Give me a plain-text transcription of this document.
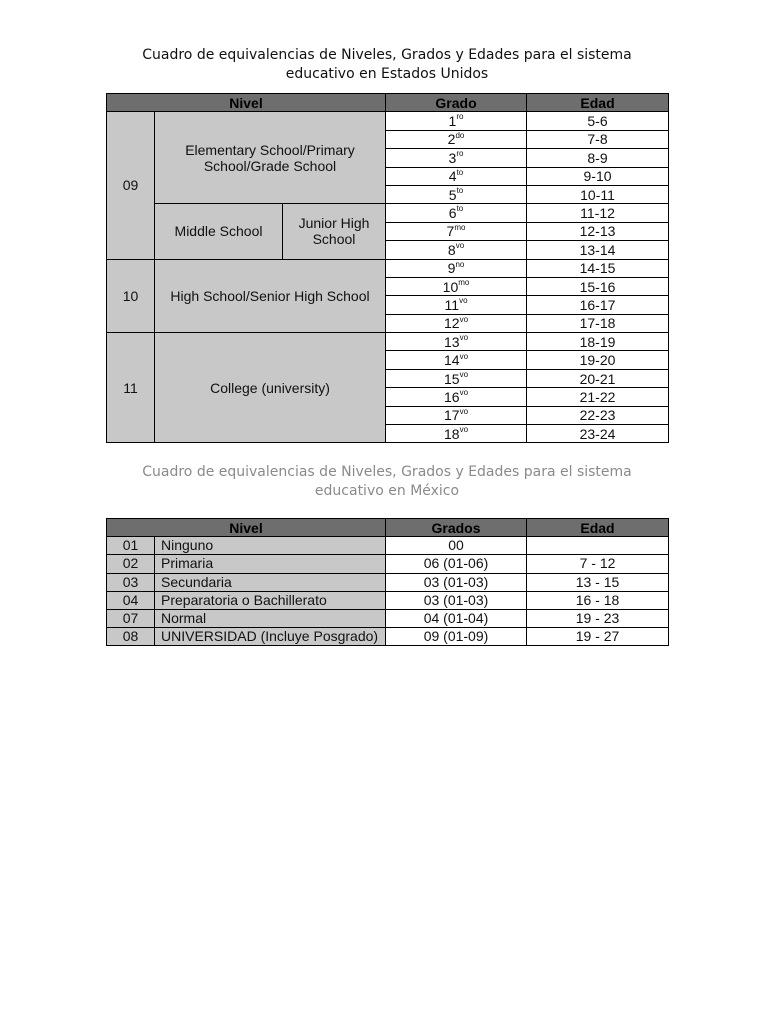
Cuadro de equivalencias de Niveles, Grados y Edades para el sistema
educativo en Estados Unidos
Nivel			Grado	Edad
09	Elementary School/Primary School/Grade School		$1^{ro}$	5-6
			$2^{do}$	7-8
			$3^{ro}$	8-9
			$4^{to}$	9-10
			$5^{to}$	10-11
	Middle School	Junior High School	$6^{to}$	11-12
			$7^{mo}$	12-13
			$8^{vo}$	13-14
10	High School/Senior High School		$9^{no}$	14-15
			$10^{mo}$	15-16
			$11^{vo}$	16-17
			$12^{vo}$	17-18
11	College (university)		$13^{vo}$	18-19
			$14^{vo}$	19-20
			$15^{vo}$	20-21
			$16^{vo}$	21-22
			$17^{vo}$	22-23
			$18^{vo}$	23-24
Cuadro de equivalencias de Niveles, Grados y Edades para el sistema
educativo en México
Nivel		Grados	Edad
01	Ninguno	00	
02	Primaria	06 (01-06)	7 - 12
03	Secundaria	03 (01-03)	13 - 15
04	Preparatoria o Bachillerato	03 (01-03)	16 - 18
07	Normal	04 (01-04)	19 - 23
08	UNIVERSIDAD (Incluye Posgrado)	09 (01-09)	19 - 27
